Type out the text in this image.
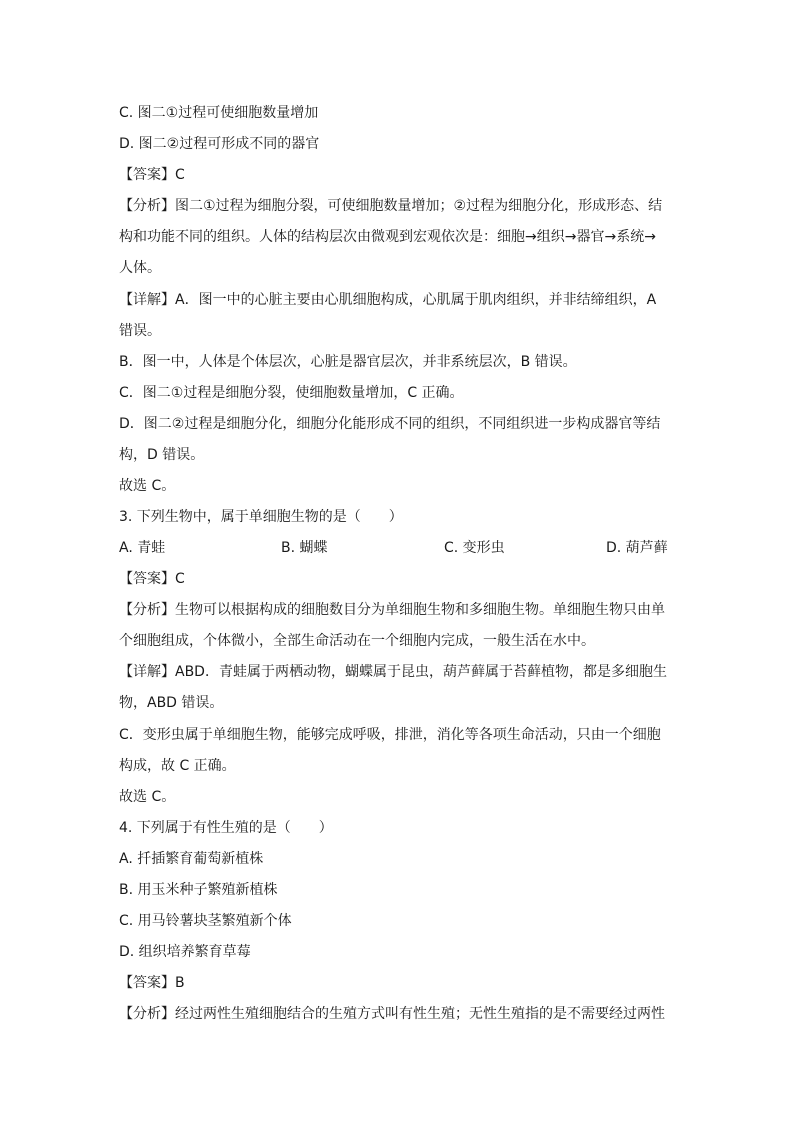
C. 图二①过程可使细胞数量增加
D. 图二②过程可形成不同的器官
【答案】C
【分析】图二①过程为细胞分裂，可使细胞数量增加；②过程为细胞分化，形成形态、结
构和功能不同的组织。人体的结构层次由微观到宏观依次是：细胞→组织→器官→系统→
人体。
【详解】A．图一中的心脏主要由心肌细胞构成，心肌属于肌肉组织，并非结缔组织，A
错误。
B．图一中，人体是个体层次，心脏是器官层次，并非系统层次，B 错误。
C．图二①过程是细胞分裂，使细胞数量增加，C 正确。
D．图二②过程是细胞分化，细胞分化能形成不同的组织，不同组织进一步构成器官等结
构，D 错误。
故选 C。
3. 下列生物中，属于单细胞生物的是（　　）
A. 青蛙	B. 蝴蝶	C. 变形虫	D. 葫芦藓
【答案】C
【分析】生物可以根据构成的细胞数目分为单细胞生物和多细胞生物。单细胞生物只由单
个细胞组成，个体微小，全部生命活动在一个细胞内完成，一般生活在水中。
【详解】ABD．青蛙属于两栖动物，蝴蝶属于昆虫，葫芦藓属于苔藓植物，都是多细胞生
物，ABD 错误。
C．变形虫属于单细胞生物，能够完成呼吸，排泄，消化等各项生命活动，只由一个细胞
构成，故 C 正确。
故选 C。
4. 下列属于有性生殖的是（　　）
A. 扦插繁育葡萄新植株
B. 用玉米种子繁殖新植株
C. 用马铃薯块茎繁殖新个体
D. 组织培养繁育草莓
【答案】B
【分析】经过两性生殖细胞结合的生殖方式叫有性生殖；无性生殖指的是不需要经过两性
